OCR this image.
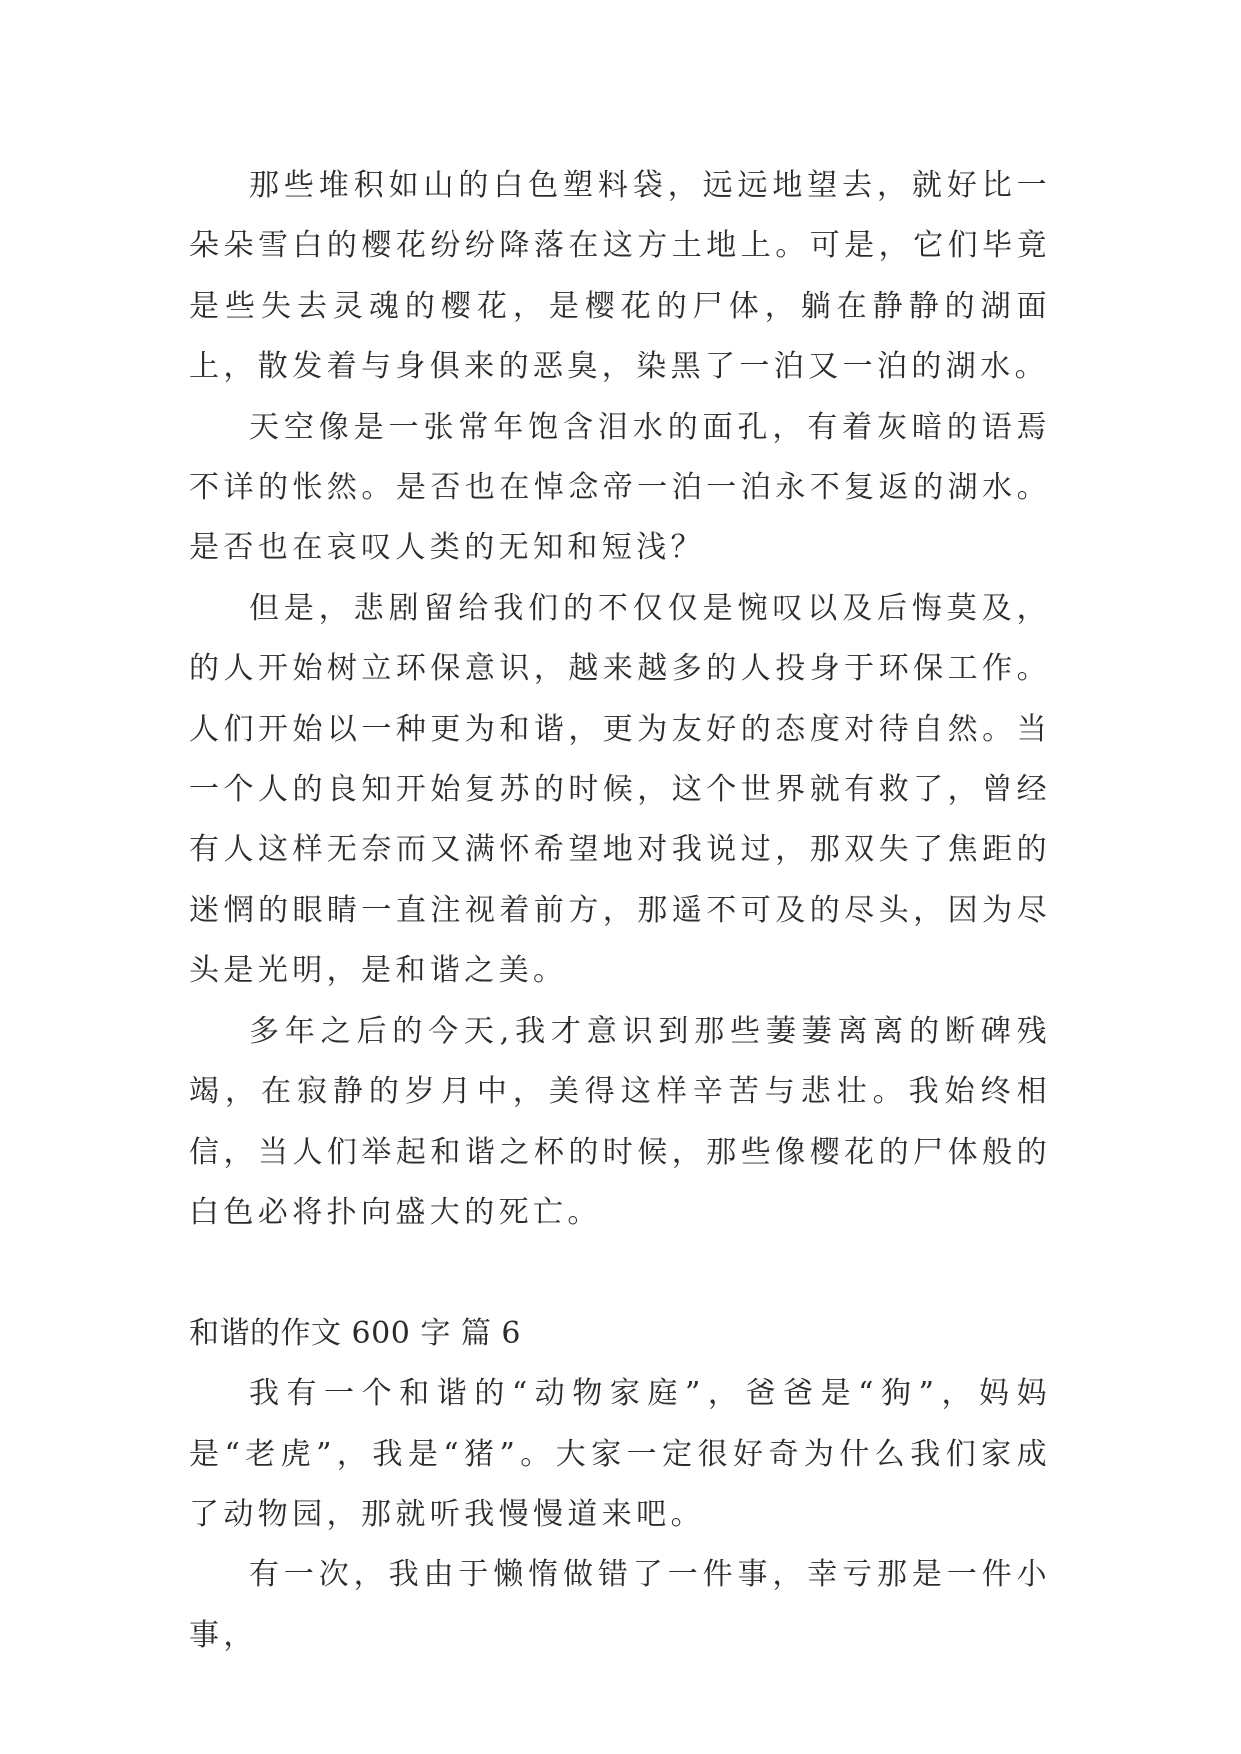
那些堆积如山的白色塑料袋，远远地望去，就好比一朵朵雪白的樱花纷纷降落在这方土地上。可是，它们毕竟是些失去灵魂的樱花，是樱花的尸体，躺在静静的湖面上，散发着与身俱来的恶臭，染黑了一泊又一泊的湖水。

天空像是一张常年饱含泪水的面孔，有着灰暗的语焉不详的怅然。是否也在悼念帝一泊一泊永不复返的湖水。是否也在哀叹人类的无知和短浅？

但是，悲剧留给我们的不仅仅是惋叹以及后悔莫及，的人开始树立环保意识，越来越多的人投身于环保工作。人们开始以一种更为和谐，更为友好的态度对待自然。当一个人的良知开始复苏的时候，这个世界就有救了，曾经有人这样无奈而又满怀希望地对我说过，那双失了焦距的迷惘的眼睛一直注视着前方，那遥不可及的尽头，因为尽头是光明，是和谐之美。

多年之后的今天,我才意识到那些萋萋离离的断碑残竭，在寂静的岁月中，美得这样辛苦与悲壮。我始终相信，当人们举起和谐之杯的时候，那些像樱花的尸体般的白色必将扑向盛大的死亡。

和谐的作文 600 字 篇 6

我有一个和谐的“动物家庭”，爸爸是“狗”，妈妈是“老虎”，我是“猪”。大家一定很好奇为什么我们家成了动物园，那就听我慢慢道来吧。

有一次，我由于懒惰做错了一件事，幸亏那是一件小事，
